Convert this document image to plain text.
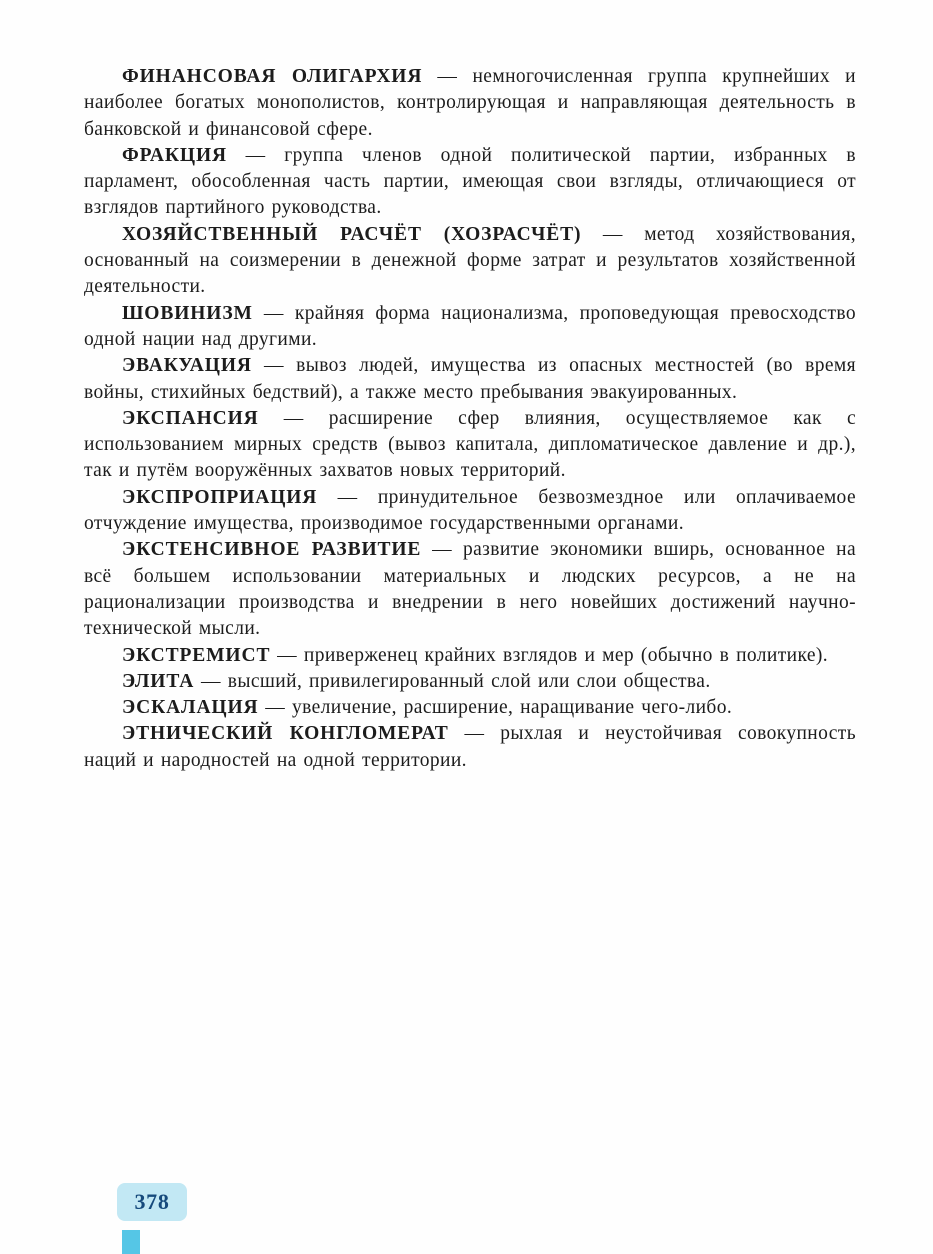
ФИНАНСОВАЯ ОЛИГАРХИЯ — немногочисленная группа крупнейших и наиболее богатых монополистов, контролирующая и направляющая деятельность в банковской и финансовой сфере.

ФРАКЦИЯ — группа членов одной политической партии, избранных в парламент, обособленная часть партии, имеющая свои взгляды, отличающиеся от взглядов партийного руководства.

ХОЗЯЙСТВЕННЫЙ РАСЧЁТ (ХОЗРАСЧЁТ) — метод хозяйствования, основанный на соизмерении в денежной форме затрат и результатов хозяйственной деятельности.

ШОВИНИЗМ — крайняя форма национализма, проповедующая превосходство одной нации над другими.

ЭВАКУАЦИЯ — вывоз людей, имущества из опасных местностей (во время войны, стихийных бедствий), а также место пребывания эвакуированных.

ЭКСПАНСИЯ — расширение сфер влияния, осуществляемое как с использованием мирных средств (вывоз капитала, дипломатическое давление и др.), так и путём вооружённых захватов новых территорий.

ЭКСПРОПРИАЦИЯ — принудительное безвозмездное или оплачиваемое отчуждение имущества, производимое государственными органами.

ЭКСТЕНСИВНОЕ РАЗВИТИЕ — развитие экономики вширь, основанное на всё большем использовании материальных и людских ресурсов, а не на рационализации производства и внедрении в него новейших достижений научно-технической мысли.

ЭКСТРЕМИСТ — приверженец крайних взглядов и мер (обычно в политике).

ЭЛИТА — высший, привилегированный слой или слои общества.

ЭСКАЛАЦИЯ — увеличение, расширение, наращивание чего-либо.

ЭТНИЧЕСКИЙ КОНГЛОМЕРАТ — рыхлая и неустойчивая совокупность наций и народностей на одной территории.

378
